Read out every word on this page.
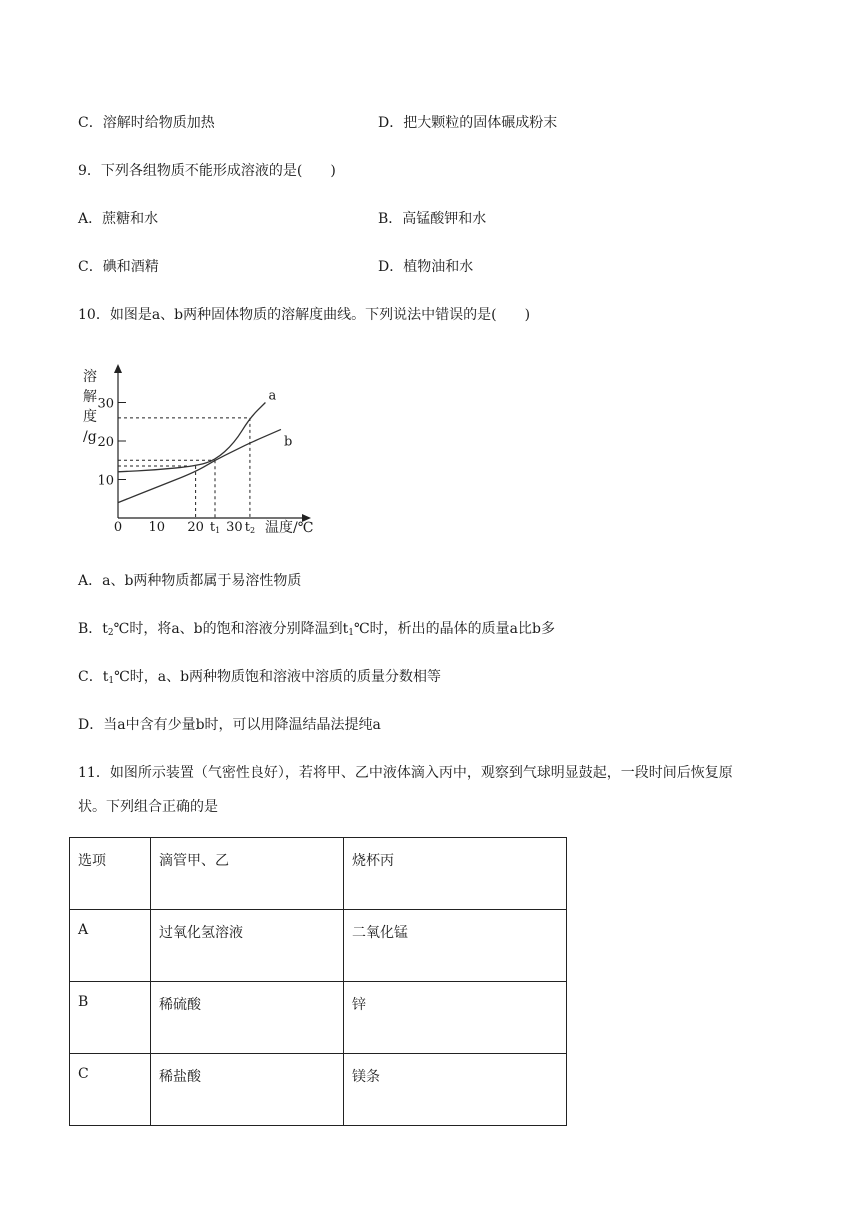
C．溶解时给物质加热	D．把大颗粒的固体碾成粉末
9．下列各组物质不能形成溶液的是(　　)
A．蔗糖和水	B．高锰酸钾和水
C．碘和酒精	D．植物油和水
10．如图是a、b两种固体物质的溶解度曲线。下列说法中错误的是(　　)
溶
解
度
/g
10
20
30
0 10 20 t1 30 t2
a
b
温度/℃
A．a、b两种物质都属于易溶性物质
B．$t_2℃$时，将a、b的饱和溶液分别降温到$t_1℃$时，析出的晶体的质量a比b多
C．$t_1℃$时，a、b两种物质饱和溶液中溶质的质量分数相等
D．当a中含有少量b时，可以用降温结晶法提纯a
11．如图所示装置（气密性良好），若将甲、乙中液体滴入丙中，观察到气球明显鼓起，一段时间后恢复原
状。下列组合正确的是
选项	滴管甲、乙	烧杯丙
A	过氧化氢溶液	二氧化锰
B	稀硫酸	锌
C	稀盐酸	镁条
